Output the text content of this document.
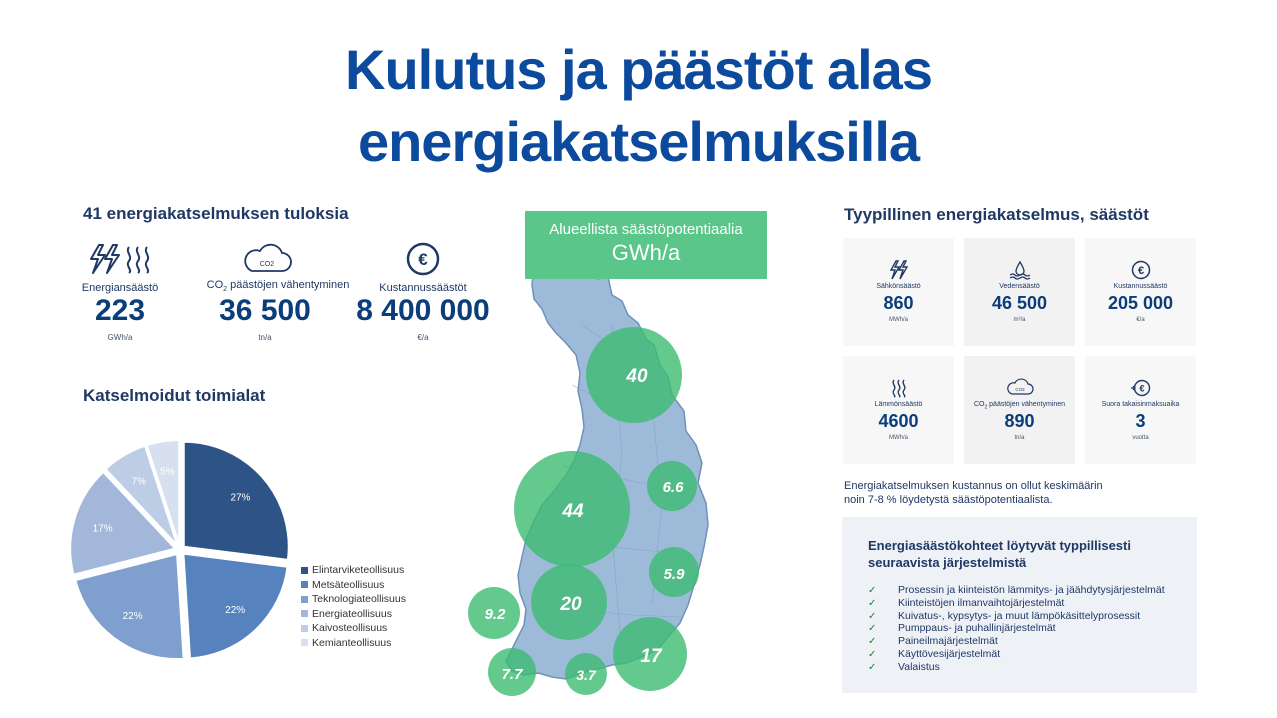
Kulutus ja päästöt alas
energiakatselmuksilla
41 energiakatselmuksen tuloksia
Energiansäästö
223
GWh/a
CO2
$CO_2$ päästöjen vähentyminen
36 500
tn/a
€
Kustannussäästöt
8 400 000
€/a
Katselmoidut toimialat
27%
22%
22%
17%
7%
5%
Elintarviketeollisuus
Metsäteollisuus
Teknologiateollisuus
Energiateollisuus
Kaivosteollisuus
Kemianteollisuus
40
44
6.6
5.9
20
9.2
17
7.7	3.7
Alueellista säästöpotentiaalia
GWh/a
Tyypillinen energiakatselmus, säästöt
Sähkönsäästö
860
MWh/a
Vedensäästö
46 500
m³/a
€
Kustannussäästö
205 000
€/a
Lämmönsäästö
4600
MWh/a
CO2
$CO_2$ päästöjen vähentyminen
890
tn/a
€
Suora takaisinmaksuaika
3
vuotta
Energiakatselmuksen kustannus on ollut keskimäärin
noin 7-8 % löydetystä säästöpotentiaalista.
Energiasäästökohteet löytyvät typpillisesti
seuraavista järjestelmistä
✓ Prosessin ja kiinteistön lämmitys- ja jäähdytysjärjestelmät
✓ Kiinteistöjen ilmanvaihtojärjestelmät
✓ Kuivatus-, kypsytys- ja muut lämpökäsittelyprosessit
✓ Pumppaus- ja puhallinjärjestelmät
✓ Paineilmajärjestelmät
✓ Käyttövesijärjestelmät
✓ Valaistus
